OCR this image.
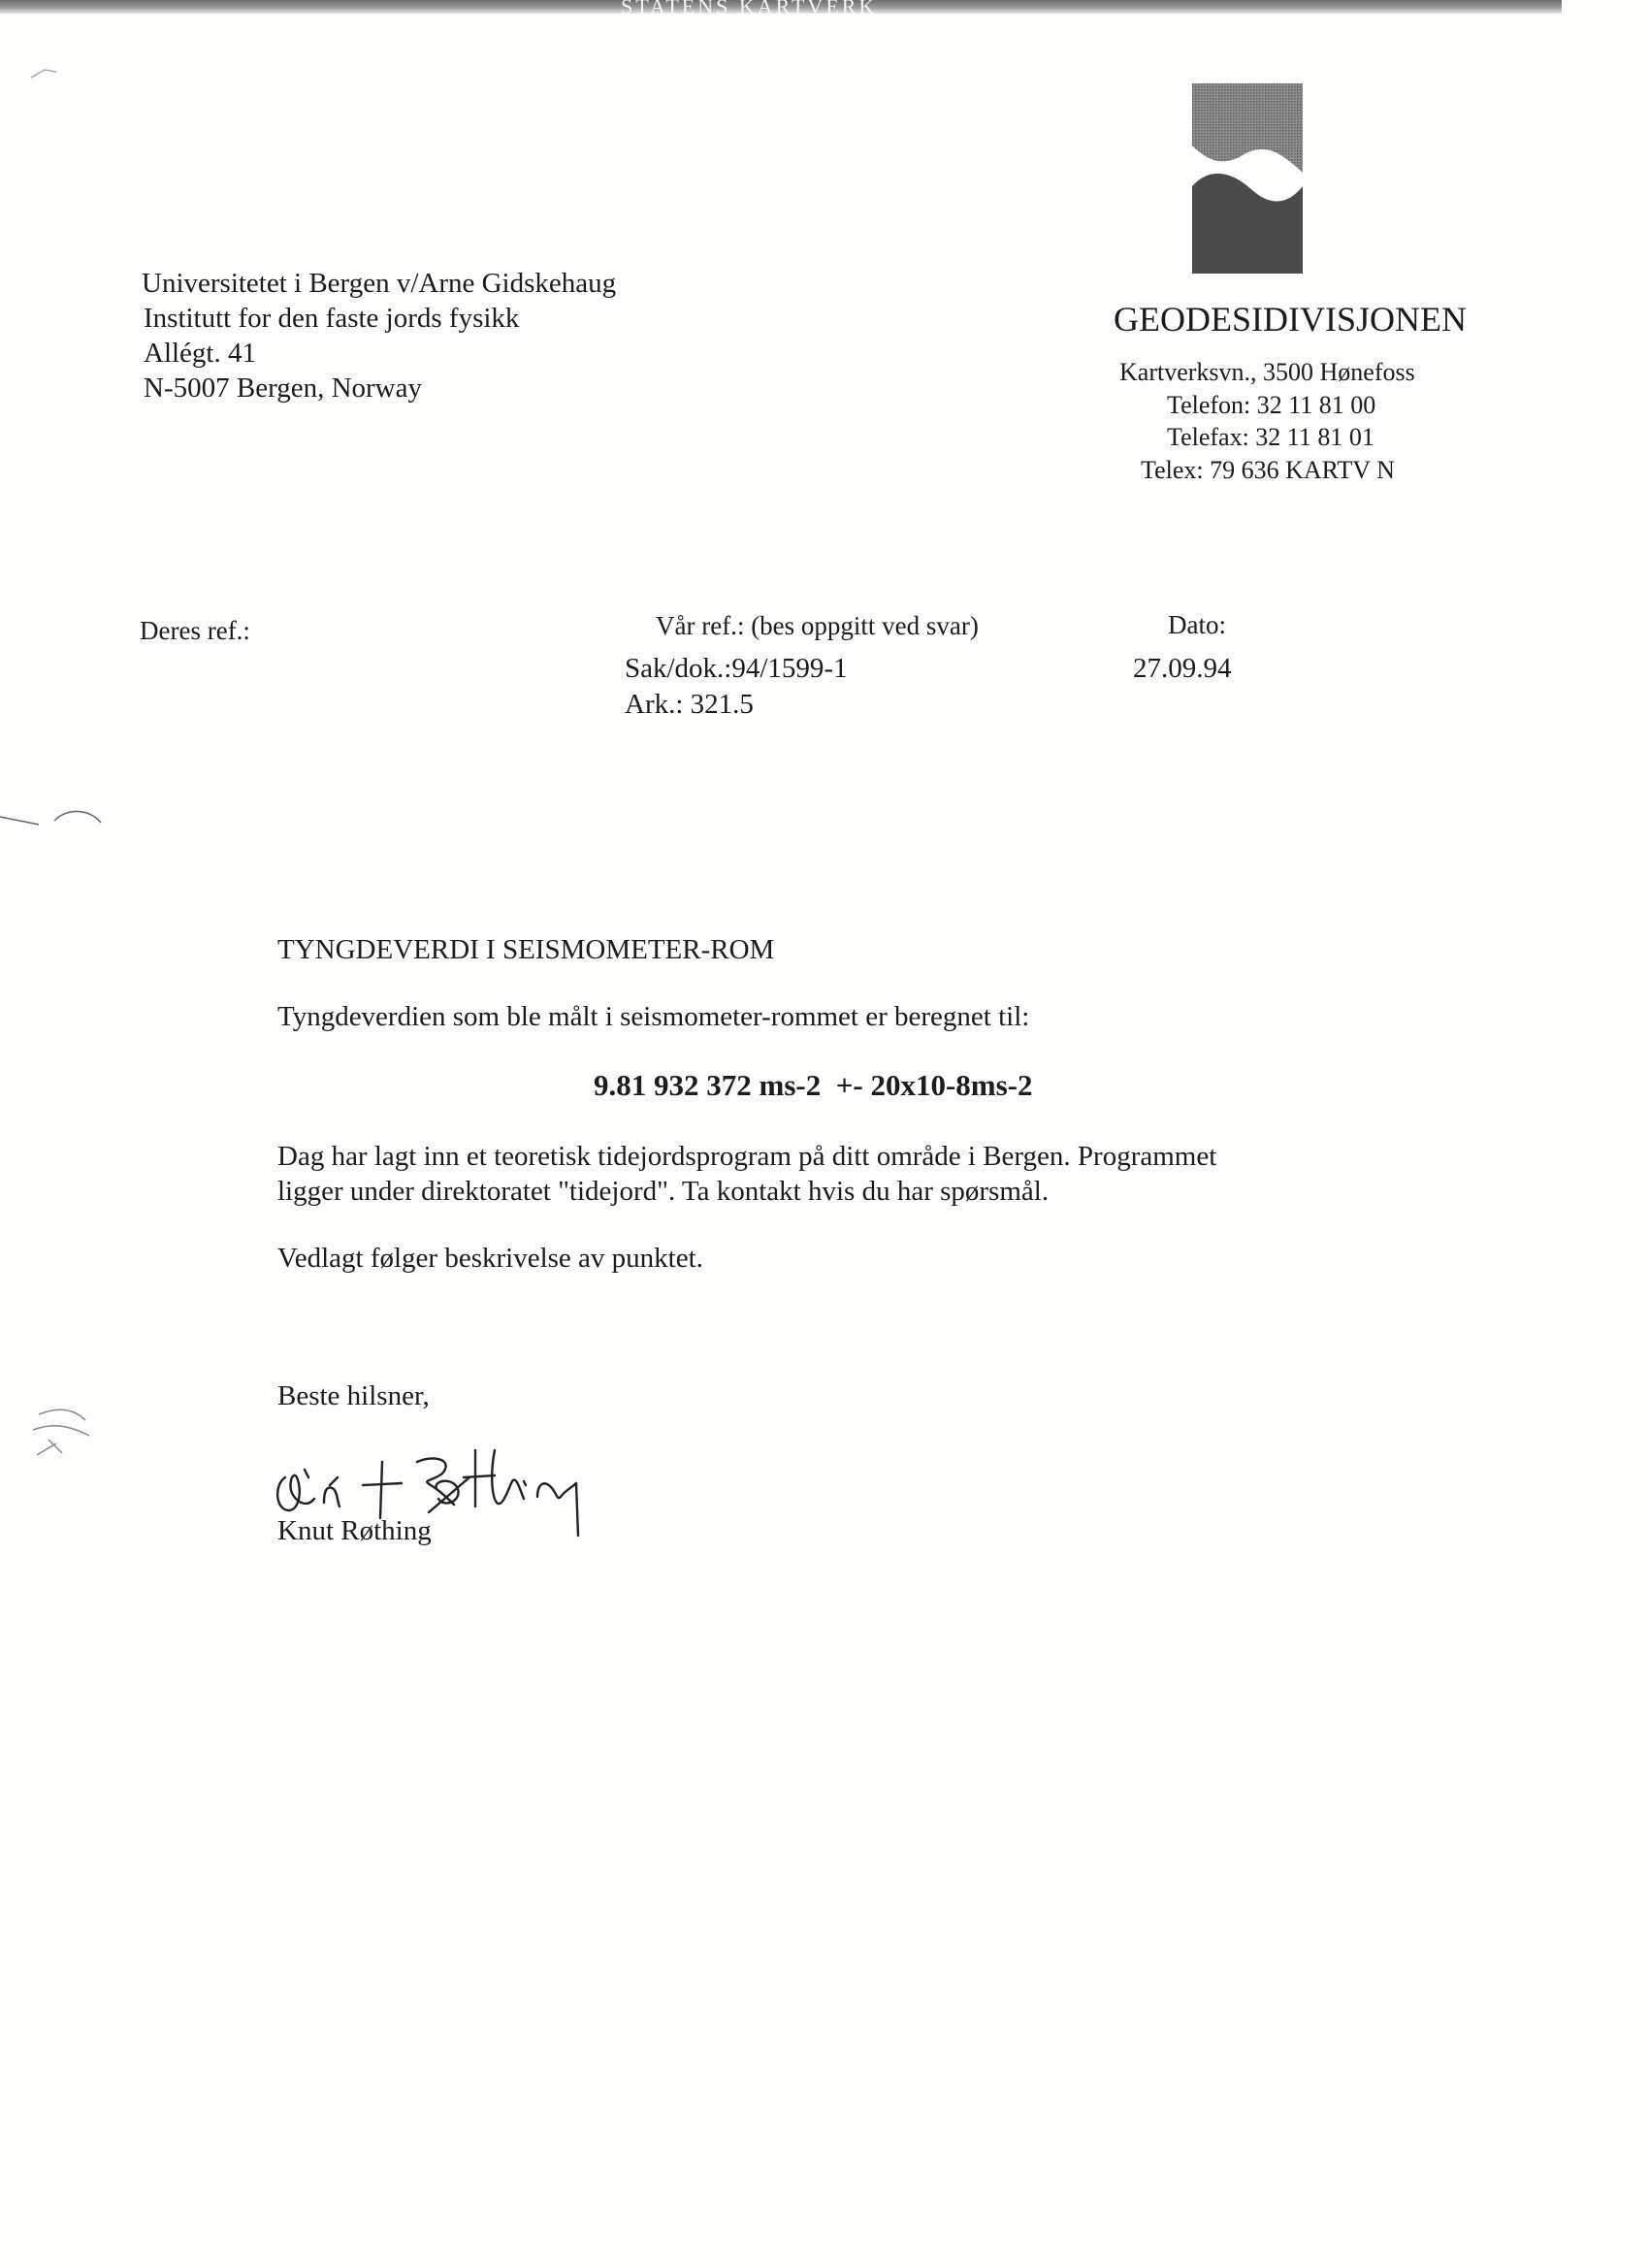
STATENS KARTVERK

Universitetet i Bergen v/Arne Gidskehaug

Institutt for den faste jords fysikk

Allégt. 41

N-5007 Bergen, Norway

GEODESIDIVISJONEN

Kartverksvn., 3500 Hønefoss

Telefon: 32 11 81 00

Telefax: 32 11 81 01

Telex: 79 636 KARTV N

Deres ref.:	Vår ref.: (bes oppgitt ved svar)

Sak/dok.:94/1599-1

Ark.: 321.5

Dato:

27.09.94

TYNGDEVERDI I SEISMOMETER-ROM

Tyngdeverdien som ble målt i seismometer-rommet er beregnet til:

9.81 932 372 ms-2  +- 20x10-8ms-2

Dag har lagt inn et teoretisk tidejordsprogram på ditt område i Bergen. Programmet

ligger under direktoratet "tidejord". Ta kontakt hvis du har spørsmål.

Vedlagt følger beskrivelse av punktet.

Beste hilsner,

Knut Røthing
